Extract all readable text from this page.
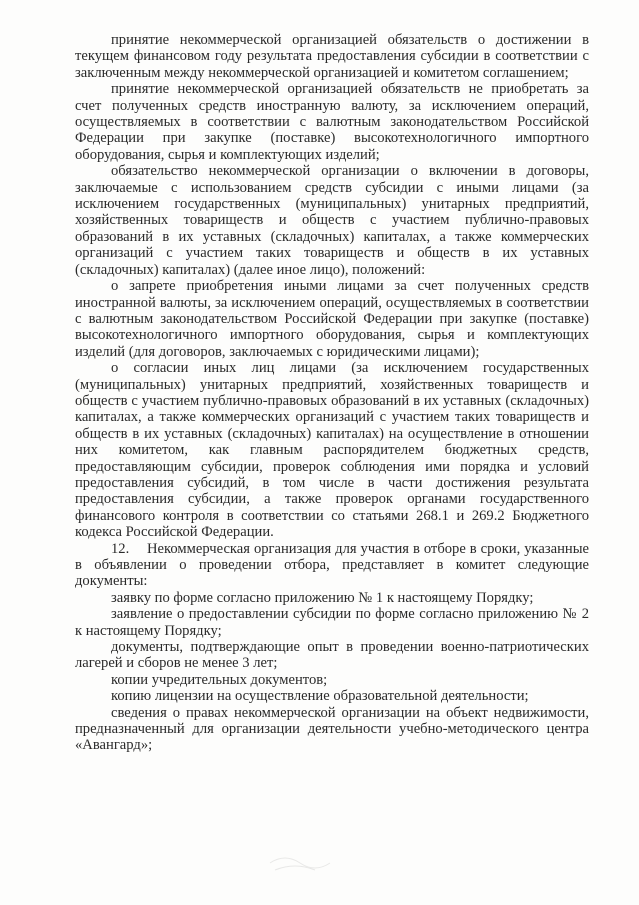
принятие некоммерческой организацией обязательств о достижении в текущем финансовом году результата предоставления субсидии в соответствии с заключенным между некоммерческой организацией и комитетом соглашением;

принятие некоммерческой организацией обязательств не приобретать за счет полученных средств иностранную валюту, за исключением операций, осуществляемых в соответствии с валютным законодательством Российской Федерации при закупке (поставке) высокотехнологичного импортного оборудования, сырья и комплектующих изделий;

обязательство некоммерческой организации о включении в договоры, заключаемые с использованием средств субсидии с иными лицами (за исключением государственных (муниципальных) унитарных предприятий, хозяйственных товариществ и обществ с участием публично-правовых образований в их уставных (складочных) капиталах, а также коммерческих организаций с участием таких товариществ и обществ в их уставных (складочных) капиталах) (далее иное лицо), положений:

о запрете приобретения иными лицами за счет полученных средств иностранной валюты, за исключением операций, осуществляемых в соответствии с валютным законодательством Российской Федерации при закупке (поставке) высокотехнологичного импортного оборудования, сырья и комплектующих изделий (для договоров, заключаемых с юридическими лицами);

о согласии иных лиц лицами (за исключением государственных (муниципальных) унитарных предприятий, хозяйственных товариществ и обществ с участием публично-правовых образований в их уставных (складочных) капиталах, а также коммерческих организаций с участием таких товариществ и обществ в их уставных (складочных) капиталах) на осуществление в отношении них комитетом, как главным распорядителем бюджетных средств, предоставляющим субсидии, проверок соблюдения ими порядка и условий предоставления субсидий, в том числе в части достижения результата предоставления субсидии, а также проверок органами государственного финансового контроля в соответствии со статьями 268.1 и 269.2 Бюджетного кодекса Российской Федерации.

12. Некоммерческая организация для участия в отборе в сроки, указанные в объявлении о проведении отбора, представляет в комитет следующие документы:

заявку по форме согласно приложению № 1 к настоящему Порядку;

заявление о предоставлении субсидии по форме согласно приложению № 2 к настоящему Порядку;

документы, подтверждающие опыт в проведении военно-патриотических лагерей и сборов не менее 3 лет;

копии учредительных документов;

копию лицензии на осуществление образовательной деятельности;

сведения о правах некоммерческой организации на объект недвижимости, предназначенный для организации деятельности учебно-методического центра «Авангард»;
